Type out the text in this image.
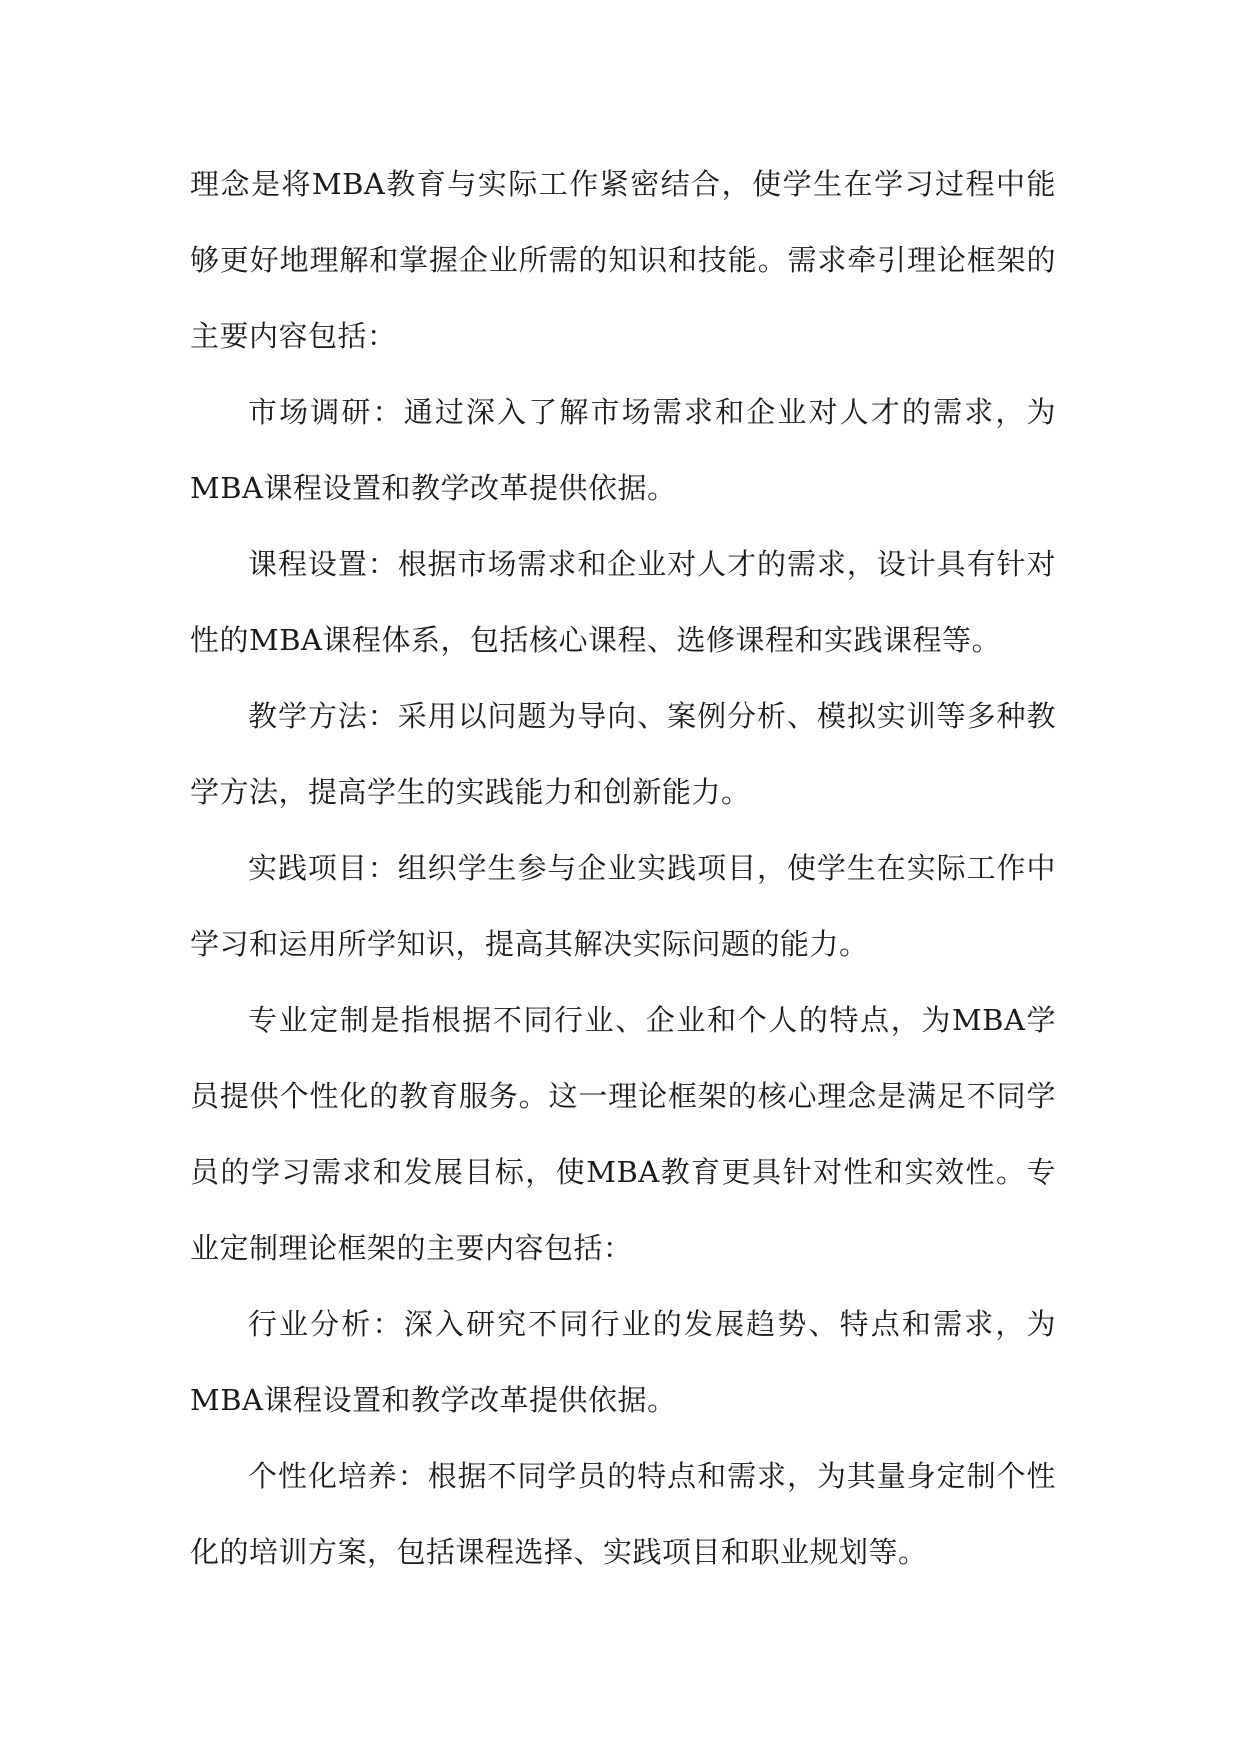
理念是将MBA教育与实际工作紧密结合，使学生在学习过程中能够更好地理解和掌握企业所需的知识和技能。需求牵引理论框架的主要内容包括：

市场调研：通过深入了解市场需求和企业对人才的需求，为MBA课程设置和教学改革提供依据。

课程设置：根据市场需求和企业对人才的需求，设计具有针对性的MBA课程体系，包括核心课程、选修课程和实践课程等。

教学方法：采用以问题为导向、案例分析、模拟实训等多种教学方法，提高学生的实践能力和创新能力。

实践项目：组织学生参与企业实践项目，使学生在实际工作中学习和运用所学知识，提高其解决实际问题的能力。

专业定制是指根据不同行业、企业和个人的特点，为MBA学员提供个性化的教育服务。这一理论框架的核心理念是满足不同学员的学习需求和发展目标，使MBA教育更具针对性和实效性。专业定制理论框架的主要内容包括：

行业分析：深入研究不同行业的发展趋势、特点和需求，为MBA课程设置和教学改革提供依据。

个性化培养：根据不同学员的特点和需求，为其量身定制个性化的培训方案，包括课程选择、实践项目和职业规划等。
